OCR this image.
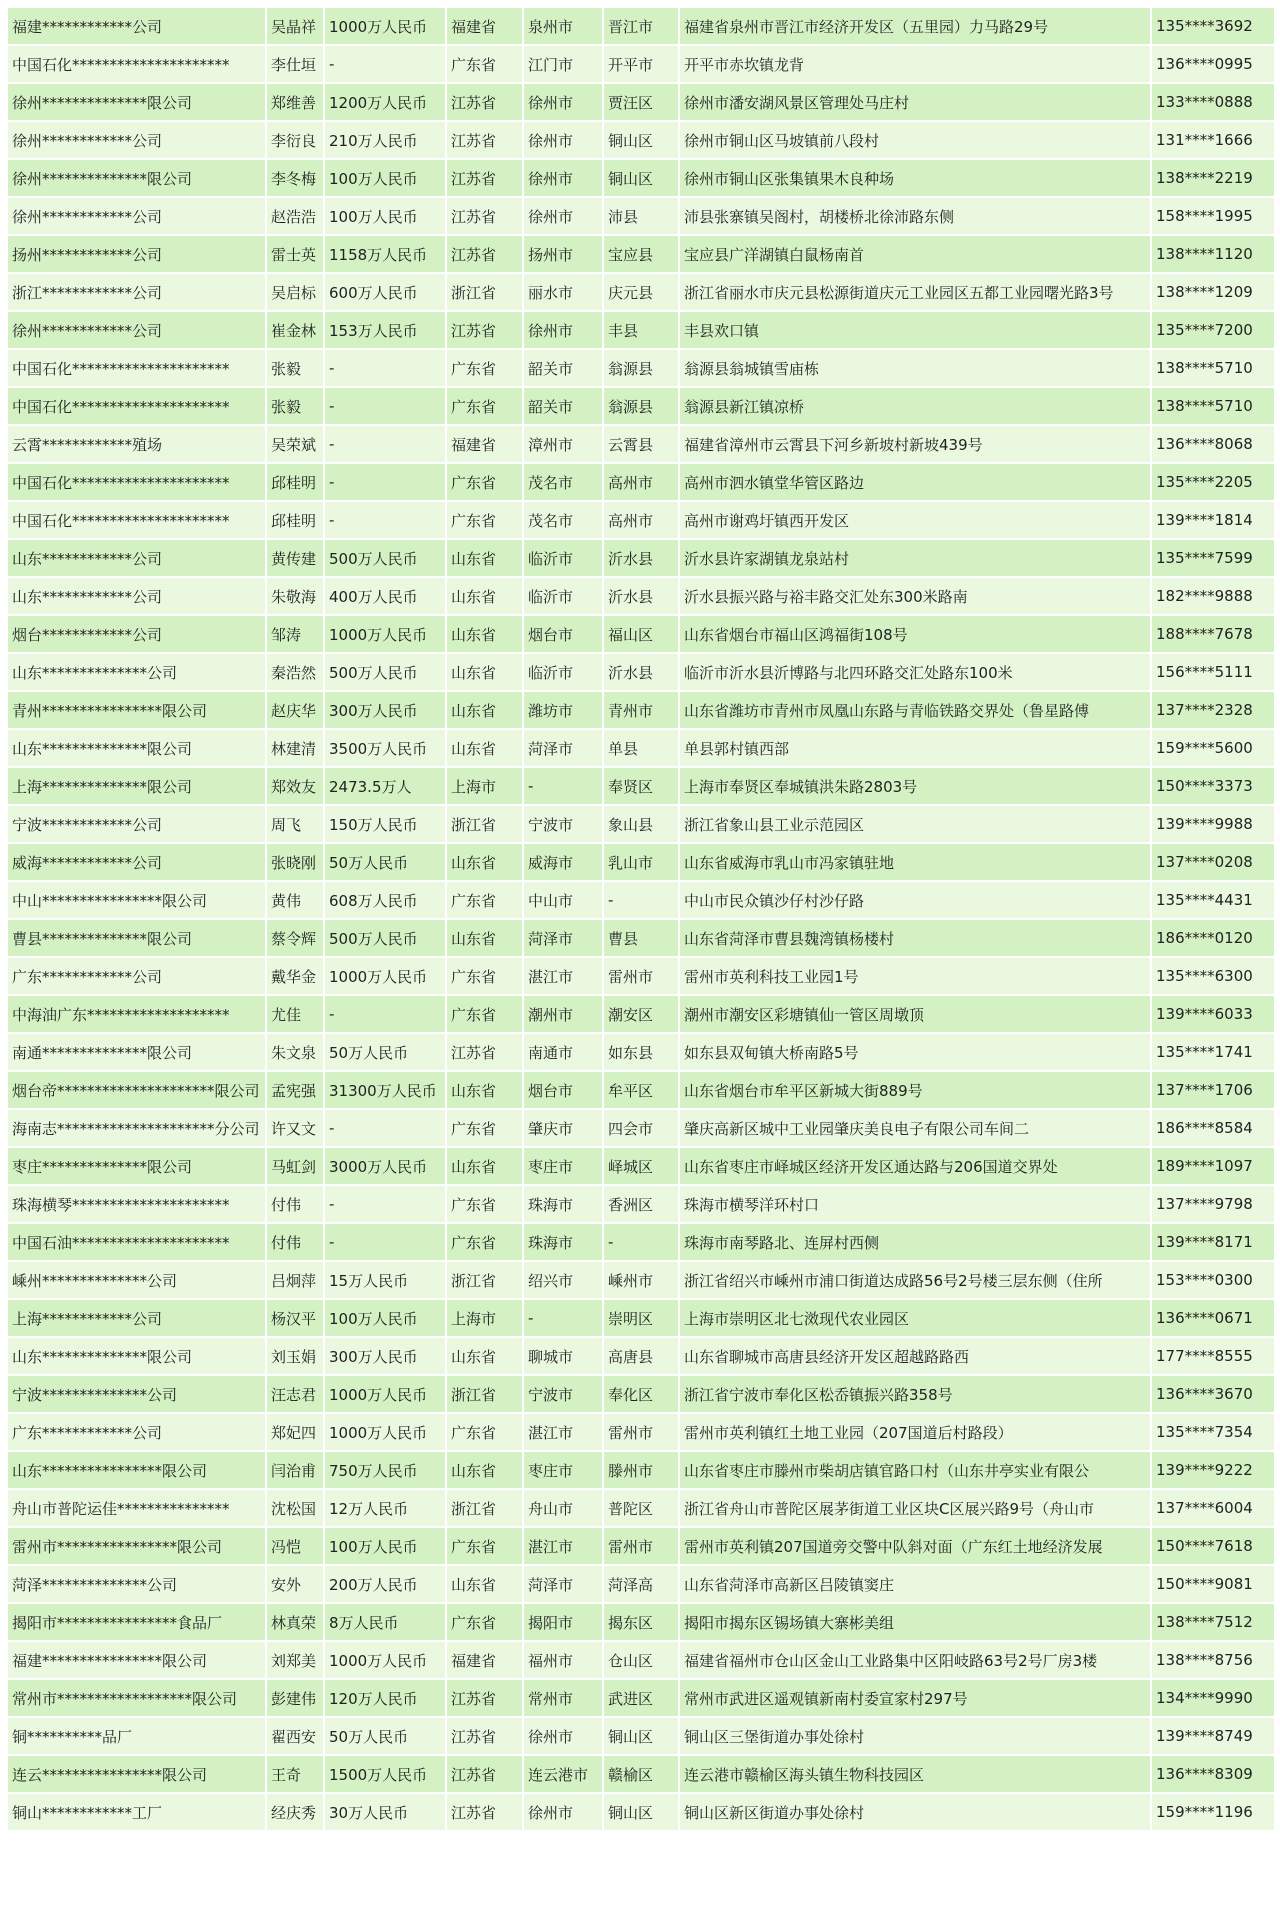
福建************公司	吴晶祥	1000万人民币	福建省	泉州市	晋江市	福建省泉州市晋江市经济开发区（五里园）力马路29号	135****3692
中国石化*********************	李仕垣	-	广东省	江门市	开平市	开平市赤坎镇龙背	136****0995
徐州**************限公司	郑维善	1200万人民币	江苏省	徐州市	贾汪区	徐州市潘安湖风景区管理处马庄村	133****0888
徐州************公司	李衍良	210万人民币	江苏省	徐州市	铜山区	徐州市铜山区马坡镇前八段村	131****1666
徐州**************限公司	李冬梅	100万人民币	江苏省	徐州市	铜山区	徐州市铜山区张集镇果木良种场	138****2219
徐州************公司	赵浩浩	100万人民币	江苏省	徐州市	沛县	沛县张寨镇吴阁村，胡楼桥北徐沛路东侧	158****1995
扬州************公司	雷士英	1158万人民币	江苏省	扬州市	宝应县	宝应县广洋湖镇白鼠杨南首	138****1120
浙江************公司	吴启标	600万人民币	浙江省	丽水市	庆元县	浙江省丽水市庆元县松源街道庆元工业园区五都工业园曙光路3号	138****1209
徐州************公司	崔金林	153万人民币	江苏省	徐州市	丰县	丰县欢口镇	135****7200
中国石化*********************	张毅	-	广东省	韶关市	翁源县	翁源县翁城镇雪庙栋	138****5710
中国石化*********************	张毅	-	广东省	韶关市	翁源县	翁源县新江镇凉桥	138****5710
云霄************殖场	吴荣斌	-	福建省	漳州市	云霄县	福建省漳州市云霄县下河乡新坡村新坡439号	136****8068
中国石化*********************	邱桂明	-	广东省	茂名市	高州市	高州市泗水镇堂华管区路边	135****2205
中国石化*********************	邱桂明	-	广东省	茂名市	高州市	高州市谢鸡圩镇西开发区	139****1814
山东************公司	黄传建	500万人民币	山东省	临沂市	沂水县	沂水县许家湖镇龙泉站村	135****7599
山东************公司	朱敬海	400万人民币	山东省	临沂市	沂水县	沂水县振兴路与裕丰路交汇处东300米路南	182****9888
烟台************公司	邹涛	1000万人民币	山东省	烟台市	福山区	山东省烟台市福山区鸿福街108号	188****7678
山东**************公司	秦浩然	500万人民币	山东省	临沂市	沂水县	临沂市沂水县沂博路与北四环路交汇处路东100米	156****5111
青州****************限公司	赵庆华	300万人民币	山东省	潍坊市	青州市	山东省潍坊市青州市凤凰山东路与青临铁路交界处（鲁星路傅	137****2328
山东**************限公司	林建清	3500万人民币	山东省	菏泽市	单县	单县郭村镇西部	159****5600
上海**************限公司	郑效友	2473.5万人	上海市	-	奉贤区	上海市奉贤区奉城镇洪朱路2803号	150****3373
宁波************公司	周飞	150万人民币	浙江省	宁波市	象山县	浙江省象山县工业示范园区	139****9988
威海************公司	张晓刚	50万人民币	山东省	威海市	乳山市	山东省威海市乳山市冯家镇驻地	137****0208
中山****************限公司	黄伟	608万人民币	广东省	中山市	-	中山市民众镇沙仔村沙仔路	135****4431
曹县**************限公司	蔡令辉	500万人民币	山东省	菏泽市	曹县	山东省菏泽市曹县魏湾镇杨楼村	186****0120
广东************公司	戴华金	1000万人民币	广东省	湛江市	雷州市	雷州市英利科技工业园1号	135****6300
中海油广东*******************	尤佳	-	广东省	潮州市	潮安区	潮州市潮安区彩塘镇仙一管区周墩顶	139****6033
南通**************限公司	朱文泉	50万人民币	江苏省	南通市	如东县	如东县双甸镇大桥南路5号	135****1741
烟台帝*********************限公司	孟宪强	31300万人民币	山东省	烟台市	牟平区	山东省烟台市牟平区新城大街889号	137****1706
海南志*********************分公司	许又文	-	广东省	肇庆市	四会市	肇庆高新区城中工业园肇庆美良电子有限公司车间二	186****8584
枣庄**************限公司	马虹剑	3000万人民币	山东省	枣庄市	峄城区	山东省枣庄市峄城区经济开发区通达路与206国道交界处	189****1097
珠海横琴*********************	付伟	-	广东省	珠海市	香洲区	珠海市横琴洋环村口	137****9798
中国石油*********************	付伟	-	广东省	珠海市	-	珠海市南琴路北、连屏村西侧	139****8171
嵊州**************公司	吕炯萍	15万人民币	浙江省	绍兴市	嵊州市	浙江省绍兴市嵊州市浦口街道达成路56号2号楼三层东侧（住所	153****0300
上海************公司	杨汉平	100万人民币	上海市	-	崇明区	上海市崇明区北七滧现代农业园区	136****0671
山东**************限公司	刘玉娟	300万人民币	山东省	聊城市	高唐县	山东省聊城市高唐县经济开发区超越路路西	177****8555
宁波**************公司	汪志君	1000万人民币	浙江省	宁波市	奉化区	浙江省宁波市奉化区松岙镇振兴路358号	136****3670
广东************公司	郑妃四	1000万人民币	广东省	湛江市	雷州市	雷州市英利镇红土地工业园（207国道后村路段）	135****7354
山东****************限公司	闫治甫	750万人民币	山东省	枣庄市	滕州市	山东省枣庄市滕州市柴胡店镇官路口村（山东井亭实业有限公	139****9222
舟山市普陀运佳***************	沈松国	12万人民币	浙江省	舟山市	普陀区	浙江省舟山市普陀区展茅街道工业区块C区展兴路9号（舟山市	137****6004
雷州市****************限公司	冯恺	100万人民币	广东省	湛江市	雷州市	雷州市英利镇207国道旁交警中队斜对面（广东红土地经济发展	150****7618
菏泽**************公司	安外	200万人民币	山东省	菏泽市	菏泽高	山东省菏泽市高新区吕陵镇窦庄	150****9081
揭阳市****************食品厂	林真荣	8万人民币	广东省	揭阳市	揭东区	揭阳市揭东区锡场镇大寨彬美组	138****7512
福建****************限公司	刘郑美	1000万人民币	福建省	福州市	仓山区	福建省福州市仓山区金山工业路集中区阳岐路63号2号厂房3楼	138****8756
常州市******************限公司	彭建伟	120万人民币	江苏省	常州市	武进区	常州市武进区遥观镇新南村委宣家村297号	134****9990
铜**********品厂	翟西安	50万人民币	江苏省	徐州市	铜山区	铜山区三堡街道办事处徐村	139****8749
连云****************限公司	王奇	1500万人民币	江苏省	连云港市	赣榆区	连云港市赣榆区海头镇生物科技园区	136****8309
铜山************工厂	经庆秀	30万人民币	江苏省	徐州市	铜山区	铜山区新区街道办事处徐村	159****1196
